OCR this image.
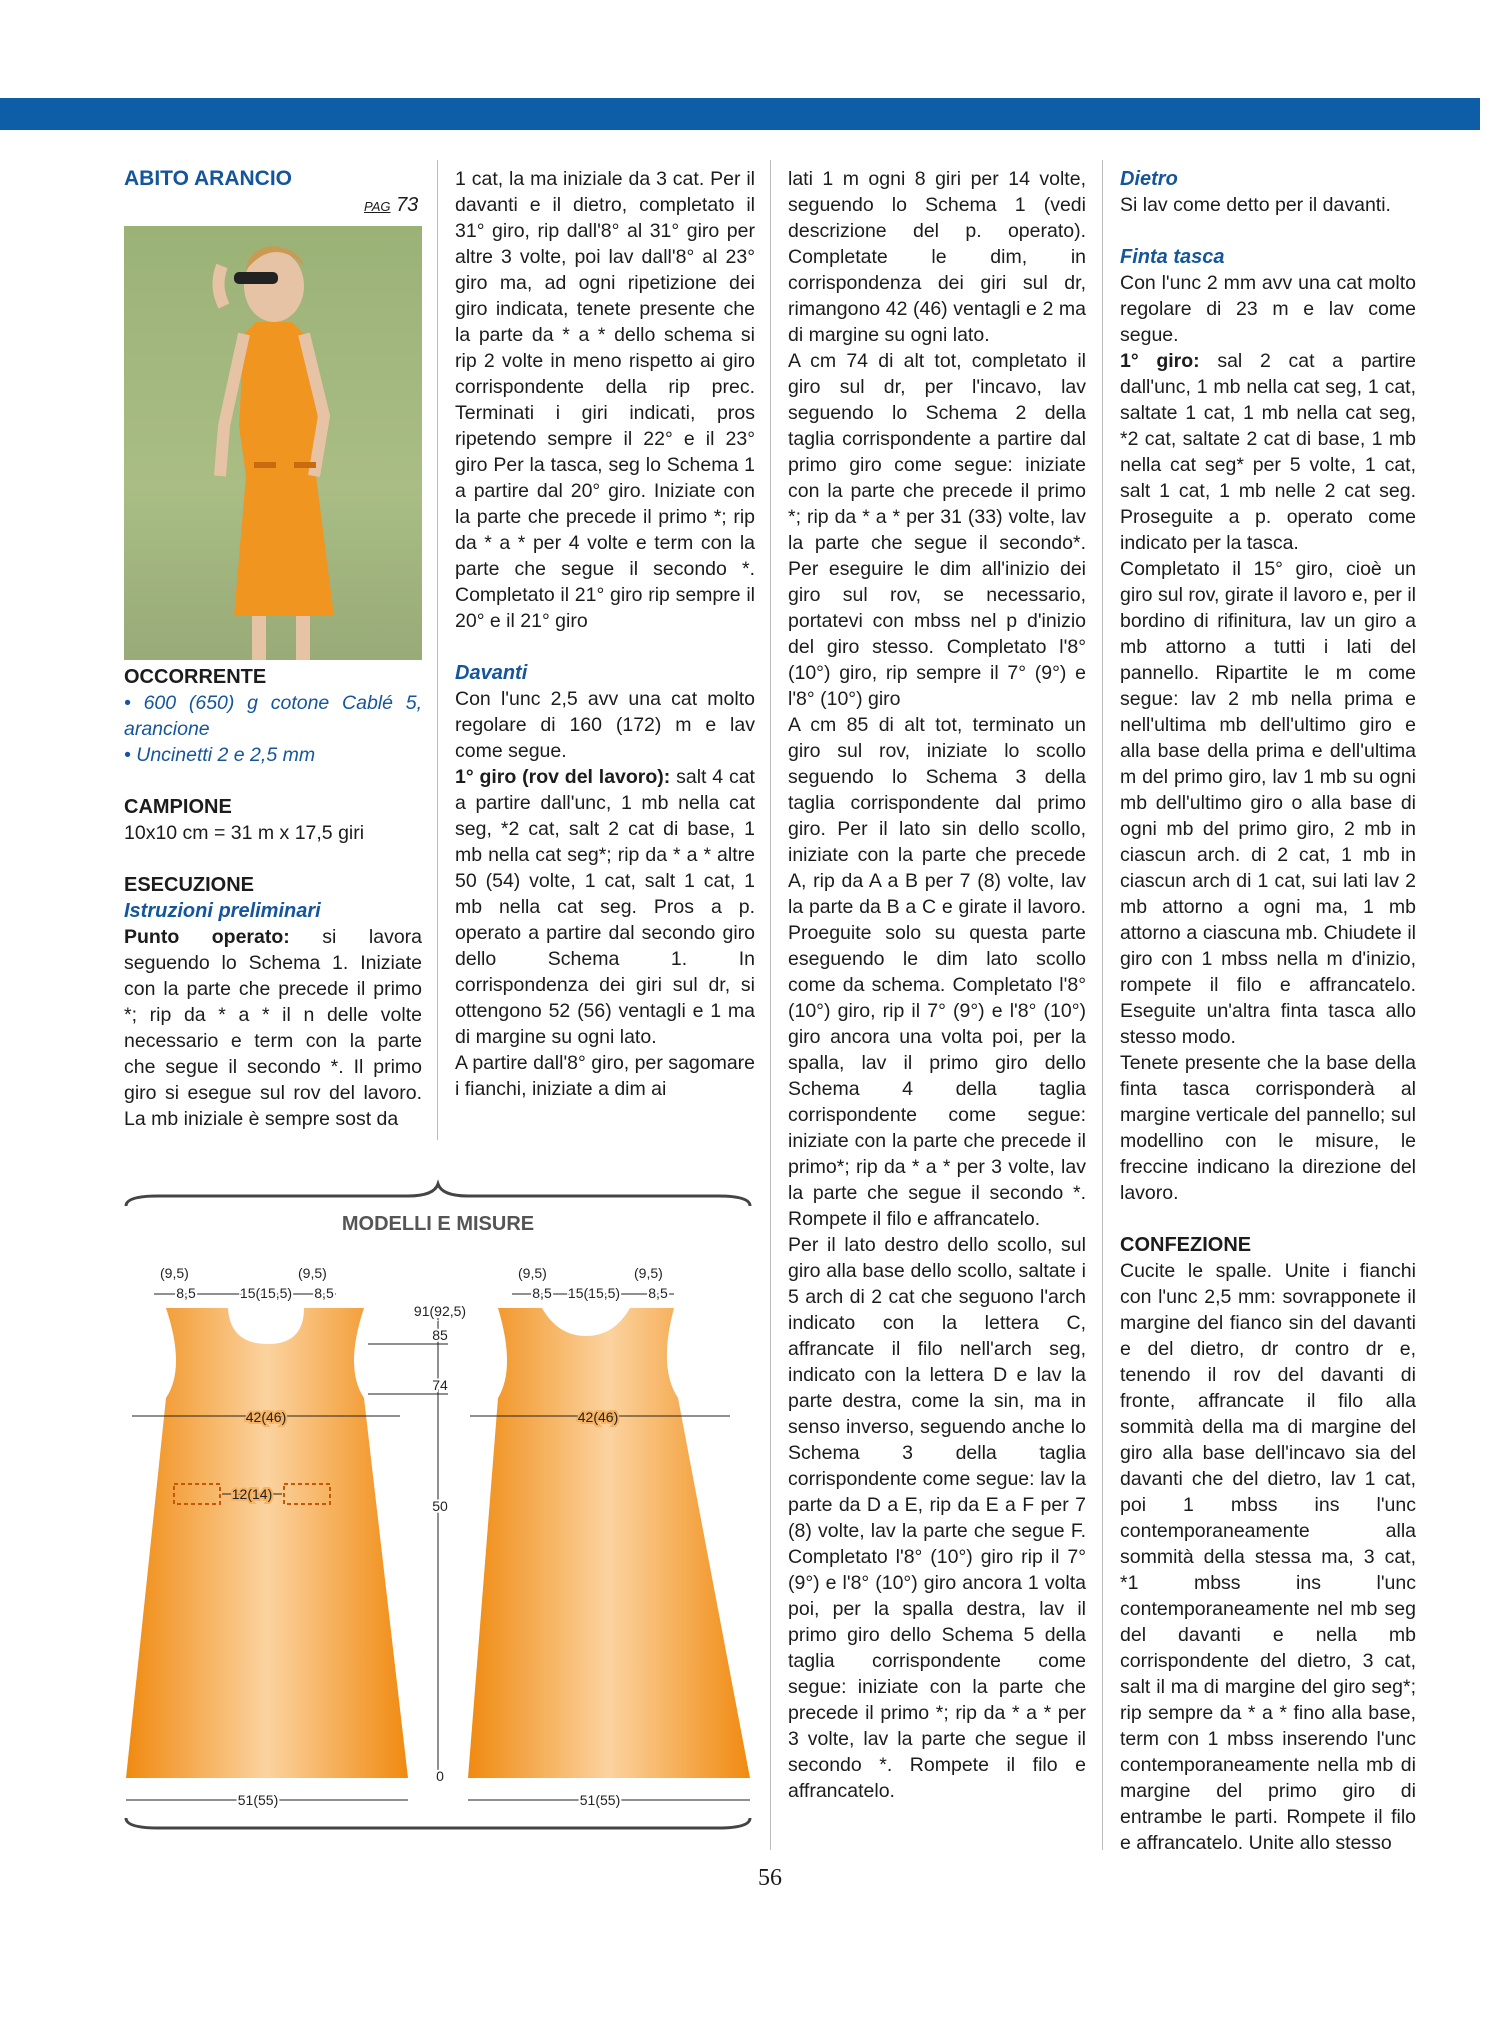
ABITO ARANCIO

PAG 73

OCCORRENTE

• 600 (650) g cotone Cablé 5, arancione

• Uncinetti 2 e 2,5 mm

CAMPIONE

10x10 cm = 31 m x 17,5 giri

ESECUZIONE

Istruzioni preliminari

Punto operato: si lavora seguendo lo Schema 1. Iniziate con la parte che precede il primo *; rip da * a * il n delle volte necessario e term con la parte che segue il secondo *. Il primo giro si esegue sul rov del lavoro. La mb iniziale è sempre sost da

1 cat, la ma iniziale da 3 cat. Per il davanti e il dietro, completato il 31° giro, rip dall'8° al 31° giro per altre 3 volte, poi lav dall'8° al 23° giro ma, ad ogni ripetizione dei giro indicata, tenete presente che la parte da * a * dello schema si rip 2 volte in meno rispetto ai giro corrispondente della rip prec. Terminati i giri indicati, pros ripetendo sempre il 22° e il 23° giro Per la tasca, seg lo Schema 1 a partire dal 20° giro. Iniziate con la parte che precede il primo *; rip da * a * per 4 volte e term con la parte che segue il secondo *. Completato il 21° giro rip sempre il 20° e il 21° giro

Davanti

Con l'unc 2,5 avv una cat molto regolare di 160 (172) m e lav come segue.

1° giro (rov del lavoro): salt 4 cat a partire dall'unc, 1 mb nella cat seg, *2 cat, salt 2 cat di base, 1 mb nella cat seg*; rip da * a * altre 50 (54) volte, 1 cat, salt 1 cat, 1 mb nella cat seg. Pros a p. operato a partire dal secondo giro dello Schema 1. In corrispondenza dei giri sul dr, si ottengono 52 (56) ventagli e 1 ma di margine su ogni lato.

A partire dall'8° giro, per sagomare i fianchi, iniziate a dim ai

lati 1 m ogni 8 giri per 14 volte, seguendo lo Schema 1 (vedi descrizione del p. operato). Completate le dim, in corrispondenza dei giri sul dr, rimangono 42 (46) ventagli e 2 ma di margine su ogni lato.

A cm 74 di alt tot, completato il giro sul dr, per l'incavo, lav seguendo lo Schema 2 della taglia corrispondente a partire dal primo giro come segue: iniziate con la parte che precede il primo *; rip da * a * per 31 (33) volte, lav la parte che segue il secondo*. Per eseguire le dim all'inizio dei giro sul rov, se necessario, portatevi con mbss nel p d'inizio del giro stesso. Completato l'8° (10°) giro, rip sempre il 7° (9°) e l'8° (10°) giro

A cm 85 di alt tot, terminato un giro sul rov, iniziate lo scollo seguendo lo Schema 3 della taglia corrispondente dal primo giro. Per il lato sin dello scollo, iniziate con la parte che precede A, rip da A a B per 7 (8) volte, lav la parte da B a C e girate il lavoro. Proeguite solo su questa parte eseguendo le dim lato scollo come da schema. Completato l'8° (10°) giro, rip il 7° (9°) e l'8° (10°) giro ancora una volta poi, per la spalla, lav il primo giro dello Schema 4 della taglia corrispondente come segue: iniziate con la parte che precede il primo*; rip da * a * per 3 volte, lav la parte che segue il secondo *. Rompete il filo e affrancatelo.

Per il lato destro dello scollo, sul giro alla base dello scollo, saltate i 5 arch di 2 cat che seguono l'arch indicato con la lettera C, affrancate il filo nell'arch seg, indicato con la lettera D e lav la parte destra, come la sin, ma in senso inverso, seguendo anche lo Schema 3 della taglia corrispondente come segue: lav la parte da D a E, rip da E a F per 7 (8) volte, lav la parte che segue F. Completato l'8° (10°) giro rip il 7° (9°) e l'8° (10°) giro ancora 1 volta poi, per la spalla destra, lav il primo giro dello Schema 5 della taglia corrispondente come segue: iniziate con la parte che precede il primo *; rip da * a * per 3 volte, lav la parte che segue il secondo *. Rompete il filo e affrancatelo.

Dietro

Si lav come detto per il davanti.

Finta tasca

Con l'unc 2 mm avv una cat molto regolare di 23 m e lav come segue.

1° giro: sal 2 cat a partire dall'unc, 1 mb nella cat seg, 1 cat, saltate 1 cat, 1 mb nella cat seg, *2 cat, saltate 2 cat di base, 1 mb nella cat seg* per 5 volte, 1 cat, salt 1 cat, 1 mb nelle 2 cat seg. Proseguite a p. operato come indicato per la tasca.

Completato il 15° giro, cioè un giro sul rov, girate il lavoro e, per il bordino di rifinitura, lav un giro a mb attorno a tutti i lati del pannello. Ripartite le m come segue: lav 2 mb nella prima e nell'ultima mb dell'ultimo giro e alla base della prima e dell'ultima m del primo giro, lav 1 mb su ogni mb dell'ultimo giro o alla base di ogni mb del primo giro, 2 mb in ciascun arch. di 2 cat, 1 mb in ciascun arch di 1 cat, sui lati lav 2 mb attorno a ogni ma, 1 mb attorno a ciascuna mb. Chiudete il giro con 1 mbss nella m d'inizio, rompete il filo e affrancatelo. Eseguite un'altra finta tasca allo stesso modo.

Tenete presente che la base della finta tasca corrisponderà al margine verticale del pannello; sul modellino con le misure, le freccine indicano la direzione del lavoro.

CONFEZIONE

Cucite le spalle. Unite i fianchi con l'unc 2,5 mm: sovrapponete il margine del fianco sin del davanti e del dietro, dr contro dr e, tenendo il rov del davanti di fronte, affrancate il filo alla sommità della ma di margine del giro alla base dell'incavo sia del davanti che del dietro, lav 1 cat, poi 1 mbss ins l'unc contemporaneamente alla sommità della stessa ma, 3 cat, *1 mbss ins l'unc contemporaneamente nel mb seg del davanti e nella mb corrispondente del dietro, 3 cat, salt il ma di margine del giro seg*; rip sempre da * a * fino alla base, term con 1 mbss inserendo l'unc contemporaneamente nella mb di margine del primo giro di entrambe le parti. Rompete il filo e affrancatelo. Unite allo stesso

MODELLI E MISURE
12(14)
42(46)
(9,5)	(9,5)
8,5	15(15,5) 8,5
51(55)
91(92,5)
85
74
50
0
42(46)
(9,5)	(9,5)
8,5 15(15,5) 8,5
51(55)
56
